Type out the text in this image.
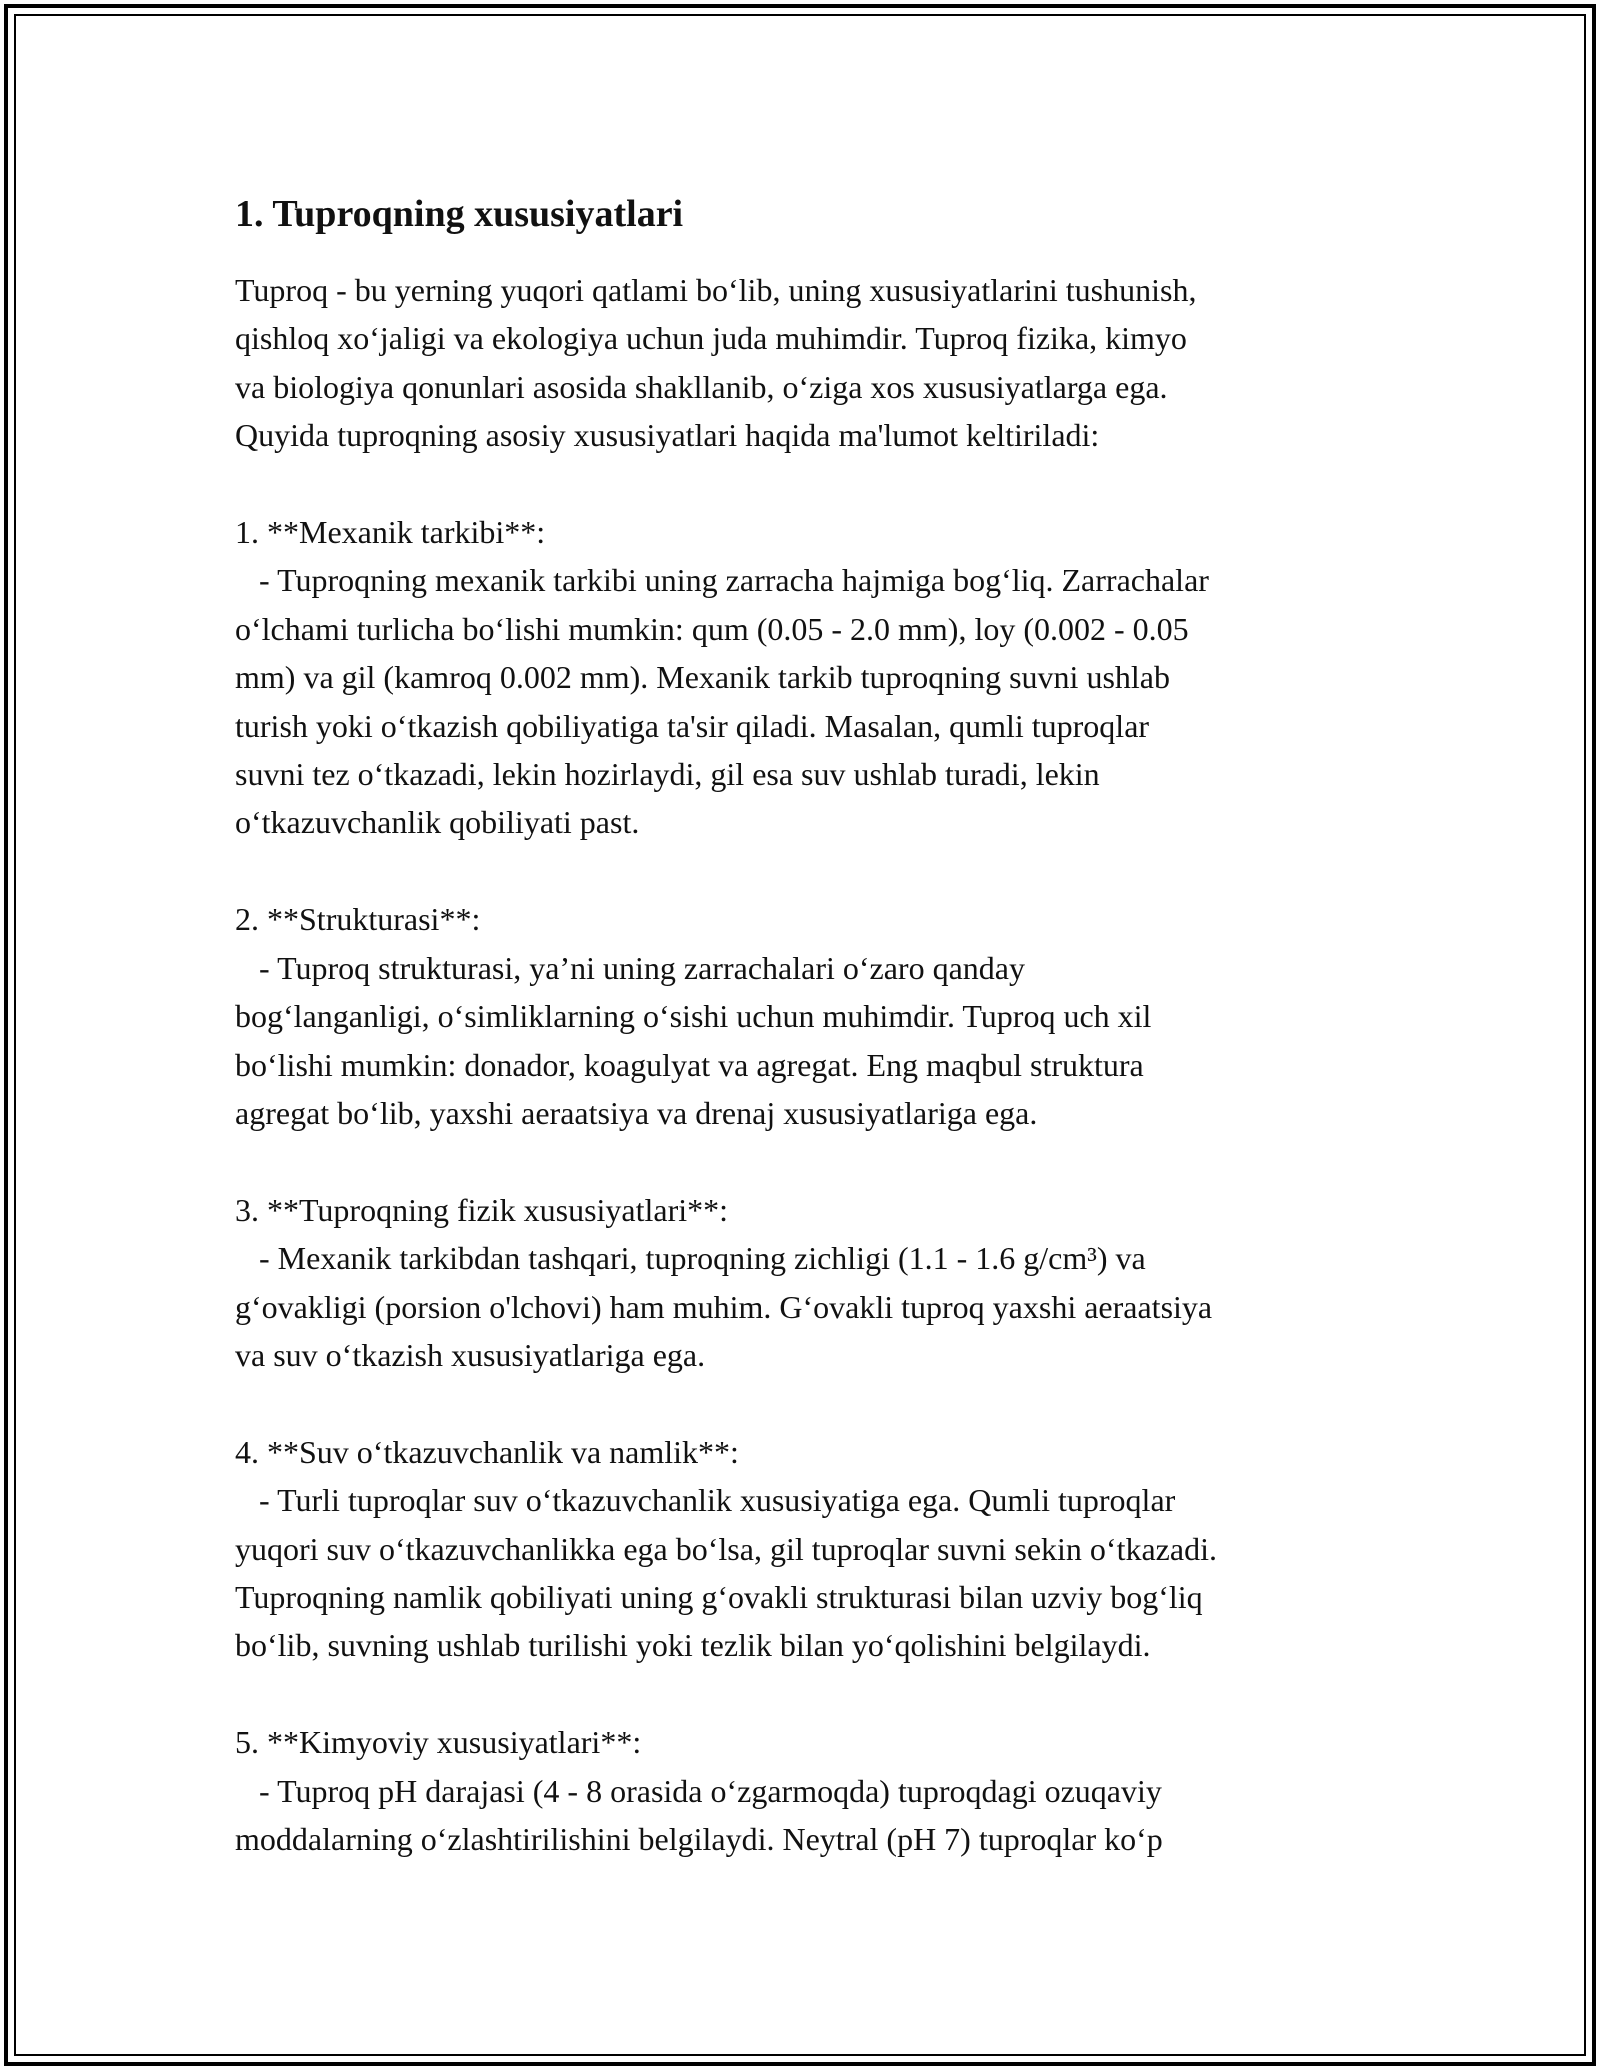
1. Tuproqning xususiyatlari

Tuproq - bu yerning yuqori qatlami boʻlib, uning xususiyatlarini tushunish,
qishloq xoʻjaligi va ekologiya uchun juda muhimdir. Tuproq fizika, kimyo
va biologiya qonunlari asosida shakllanib, oʻziga xos xususiyatlarga ega.
Quyida tuproqning asosiy xususiyatlari haqida ma'lumot keltiriladi:

1. **Mexanik tarkibi**:
- Tuproqning mexanik tarkibi uning zarracha hajmiga bogʻliq. Zarrachalar
oʻlchami turlicha boʻlishi mumkin: qum (0.05 - 2.0 mm), loy (0.002 - 0.05
mm) va gil (kamroq 0.002 mm). Mexanik tarkib tuproqning suvni ushlab
turish yoki oʻtkazish qobiliyatiga ta'sir qiladi. Masalan, qumli tuproqlar
suvni tez oʻtkazadi, lekin hozirlaydi, gil esa suv ushlab turadi, lekin
oʻtkazuvchanlik qobiliyati past.

2. **Strukturasi**:
- Tuproq strukturasi, ya’ni uning zarrachalari oʻzaro qanday
bogʻlanganligi, oʻsimliklarning oʻsishi uchun muhimdir. Tuproq uch xil
boʻlishi mumkin: donador, koagulyat va agregat. Eng maqbul struktura
agregat boʻlib, yaxshi aeraatsiya va drenaj xususiyatlariga ega.

3. **Tuproqning fizik xususiyatlari**:
- Mexanik tarkibdan tashqari, tuproqning zichligi (1.1 - 1.6 g/cm³) va
gʻovakligi (porsion o'lchovi) ham muhim. Gʻovakli tuproq yaxshi aeraatsiya
va suv oʻtkazish xususiyatlariga ega.

4. **Suv oʻtkazuvchanlik va namlik**:
- Turli tuproqlar suv oʻtkazuvchanlik xususiyatiga ega. Qumli tuproqlar
yuqori suv oʻtkazuvchanlikka ega boʻlsa, gil tuproqlar suvni sekin oʻtkazadi.
Tuproqning namlik qobiliyati uning gʻovakli strukturasi bilan uzviy bogʻliq
boʻlib, suvning ushlab turilishi yoki tezlik bilan yoʻqolishini belgilaydi.

5. **Kimyoviy xususiyatlari**:
- Tuproq pH darajasi (4 - 8 orasida oʻzgarmoqda) tuproqdagi ozuqaviy
moddalarning oʻzlashtirilishini belgilaydi. Neytral (pH 7) tuproqlar koʻp
